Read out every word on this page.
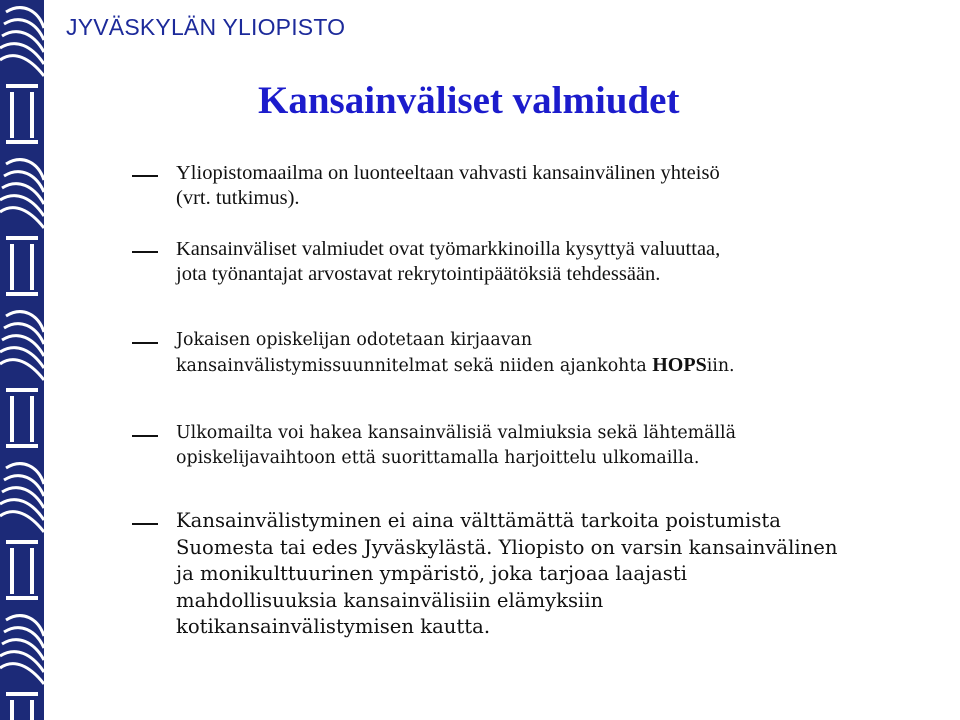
JYVÄSKYLÄN YLIOPISTO
Kansainväliset valmiudet
Yliopistomaailma on luonteeltaan vahvasti kansainvälinen yhteisö
(vrt. tutkimus).
Kansainväliset valmiudet ovat työmarkkinoilla kysyttyä valuuttaa,
jota työnantajat arvostavat rekrytointipäätöksiä tehdessään.
Jokaisen opiskelijan odotetaan kirjaavan
kansainvälistymissuunnitelmat sekä niiden ajankohta HOPSiin.
Ulkomailta voi hakea kansainvälisiä valmiuksia sekä lähtemällä
opiskelijavaihtoon että suorittamalla harjoittelu ulkomailla.
Kansainvälistyminen ei aina välttämättä tarkoita poistumista
Suomesta tai edes Jyväskylästä. Yliopisto on varsin kansainvälinen
ja monikulttuurinen ympäristö, joka tarjoaa laajasti
mahdollisuuksia kansainvälisiin elämyksiin
kotikansainvälistymisen kautta.
